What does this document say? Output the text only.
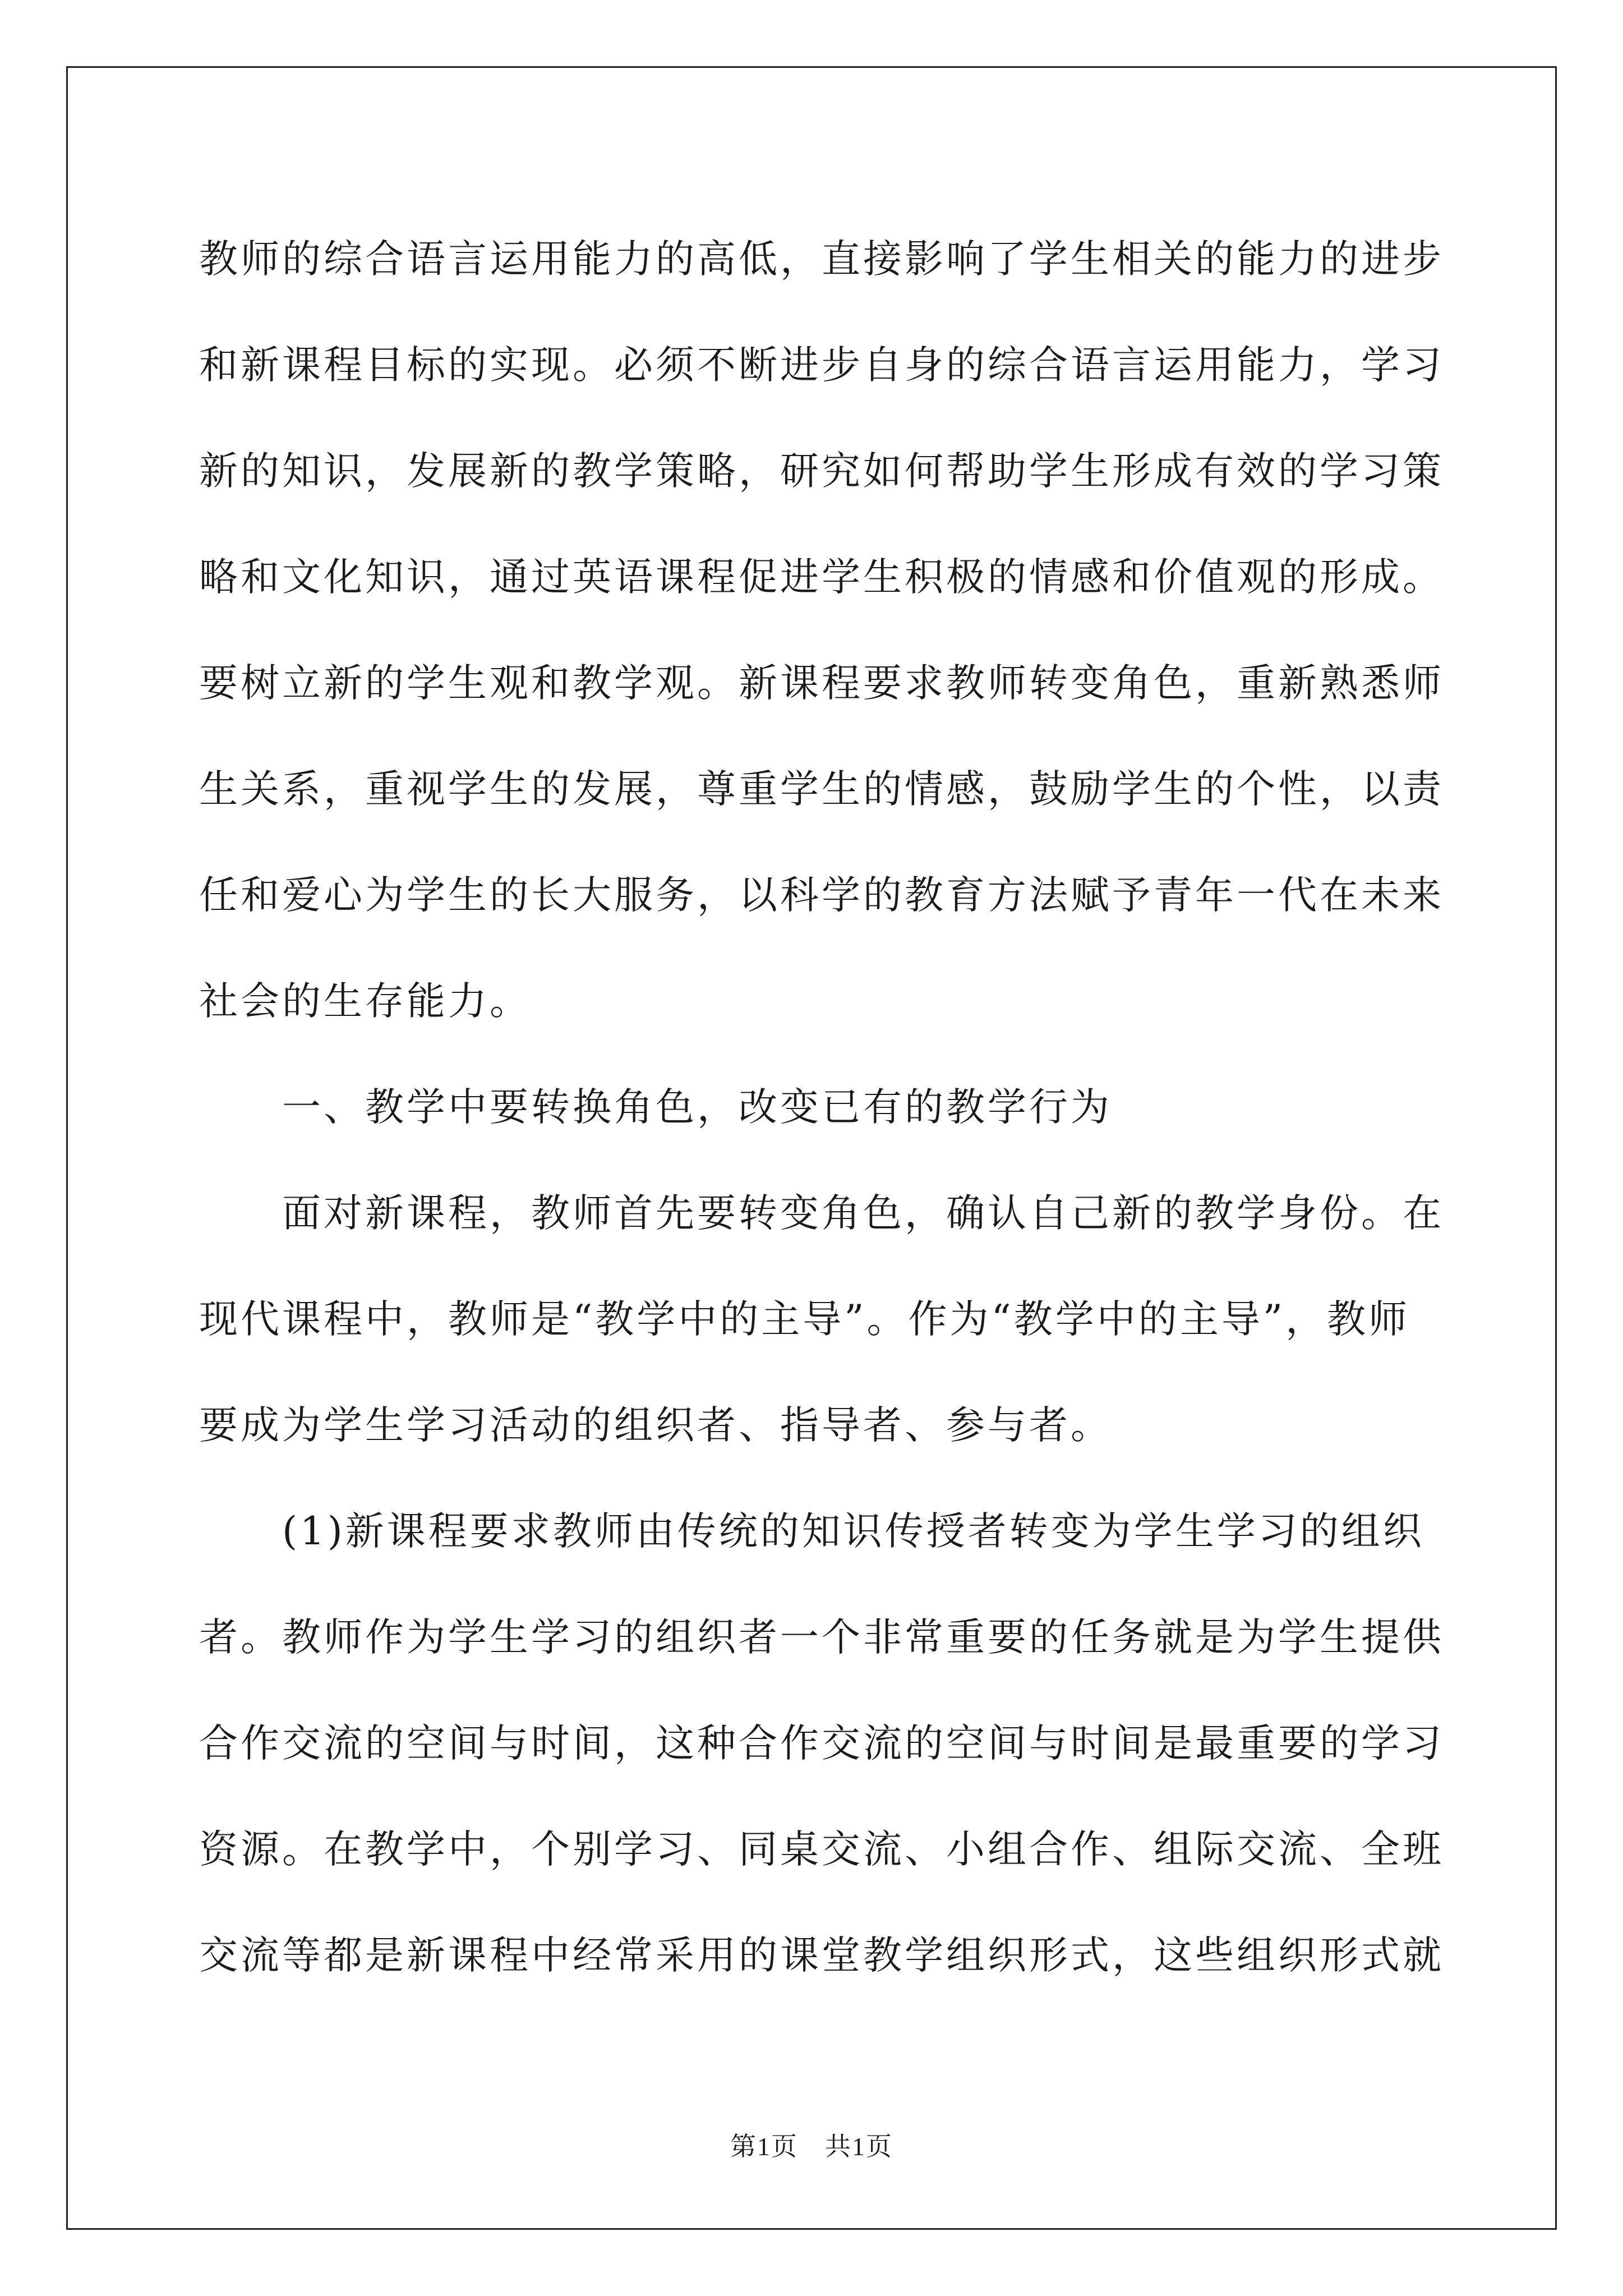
教师的综合语言运用能力的高低，直接影响了学生相关的能力的进步
和新课程目标的实现。必须不断进步自身的综合语言运用能力，学习
新的知识，发展新的教学策略，研究如何帮助学生形成有效的学习策
略和文化知识，通过英语课程促进学生积极的情感和价值观的形成。
要树立新的学生观和教学观。新课程要求教师转变角色，重新熟悉师
生关系，重视学生的发展，尊重学生的情感，鼓励学生的个性，以责
任和爱心为学生的长大服务，以科学的教育方法赋予青年一代在未来
社会的生存能力。
一、教学中要转换角色，改变已有的教学行为
面对新课程，教师首先要转变角色，确认自己新的教学身份。在
现代课程中，教师是“教学中的主导”。作为“教学中的主导”，教师
要成为学生学习活动的组织者、指导者、参与者。
(1)新课程要求教师由传统的知识传授者转变为学生学习的组织
者。教师作为学生学习的组织者一个非常重要的任务就是为学生提供
合作交流的空间与时间，这种合作交流的空间与时间是最重要的学习
资源。在教学中，个别学习、同桌交流、小组合作、组际交流、全班
交流等都是新课程中经常采用的课堂教学组织形式，这些组织形式就
第1页　共1页
